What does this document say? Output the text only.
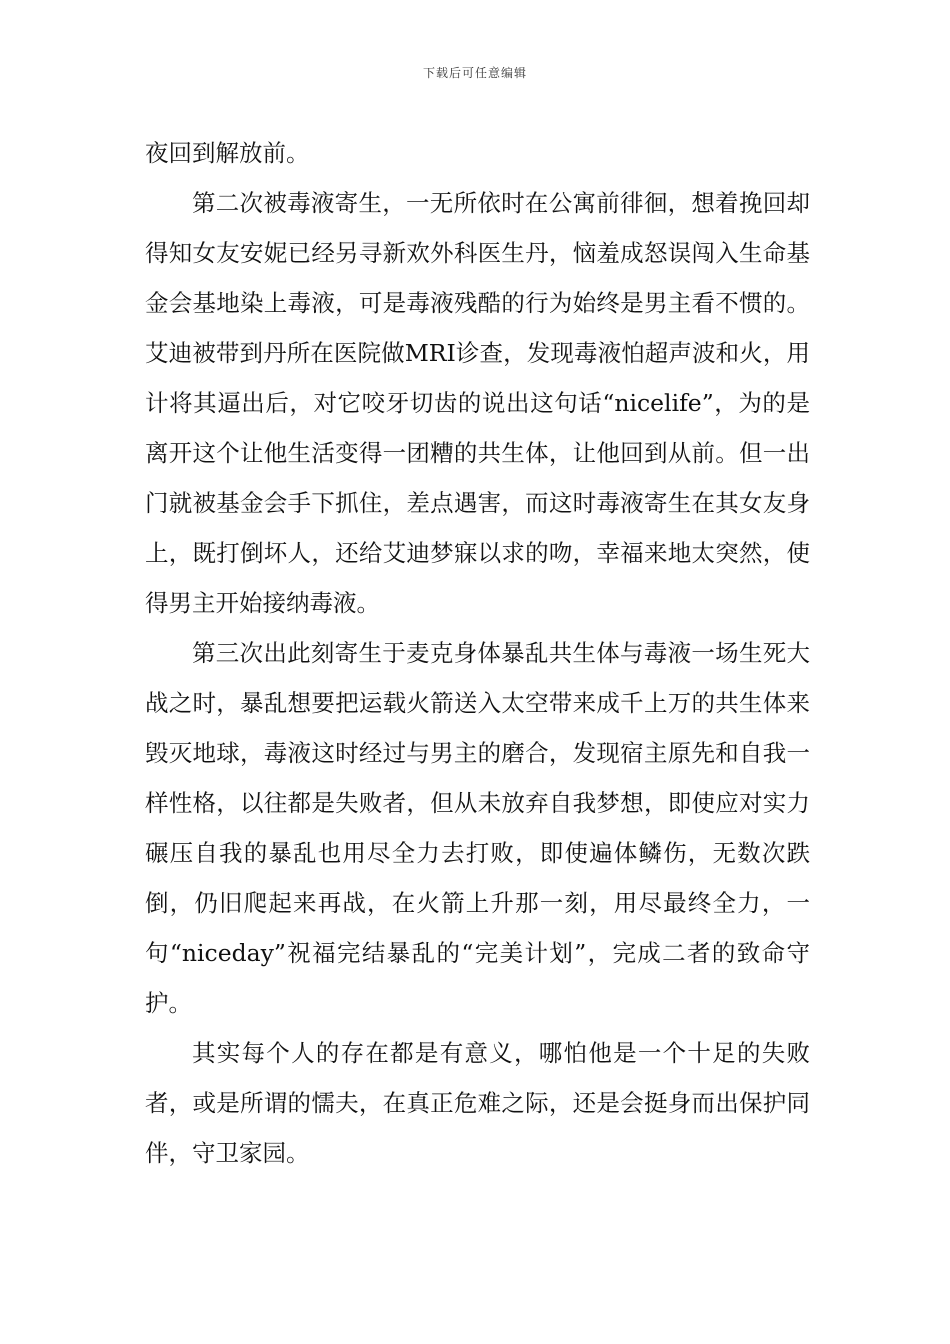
下载后可任意编辑

夜回到解放前。

第二次被毒液寄生，一无所依时在公寓前徘徊，想着挽回却得知女友安妮已经另寻新欢外科医生丹，恼羞成怒误闯入生命基金会基地染上毒液，可是毒液残酷的行为始终是男主看不惯的。艾迪被带到丹所在医院做MRI诊查，发现毒液怕超声波和火，用计将其逼出后，对它咬牙切齿的说出这句话“nicelife”，为的是离开这个让他生活变得一团糟的共生体，让他回到从前。但一出门就被基金会手下抓住，差点遇害，而这时毒液寄生在其女友身上，既打倒坏人，还给艾迪梦寐以求的吻，幸福来地太突然，使得男主开始接纳毒液。

第三次出此刻寄生于麦克身体暴乱共生体与毒液一场生死大战之时，暴乱想要把运载火箭送入太空带来成千上万的共生体来毁灭地球，毒液这时经过与男主的磨合，发现宿主原先和自我一样性格，以往都是失败者，但从未放弃自我梦想，即使应对实力碾压自我的暴乱也用尽全力去打败，即使遍体鳞伤，无数次跌倒，仍旧爬起来再战，在火箭上升那一刻，用尽最终全力，一句“niceday”祝福完结暴乱的“完美计划”，完成二者的致命守护。

其实每个人的存在都是有意义，哪怕他是一个十足的失败者，或是所谓的懦夫，在真正危难之际，还是会挺身而出保护同伴，守卫家园。
